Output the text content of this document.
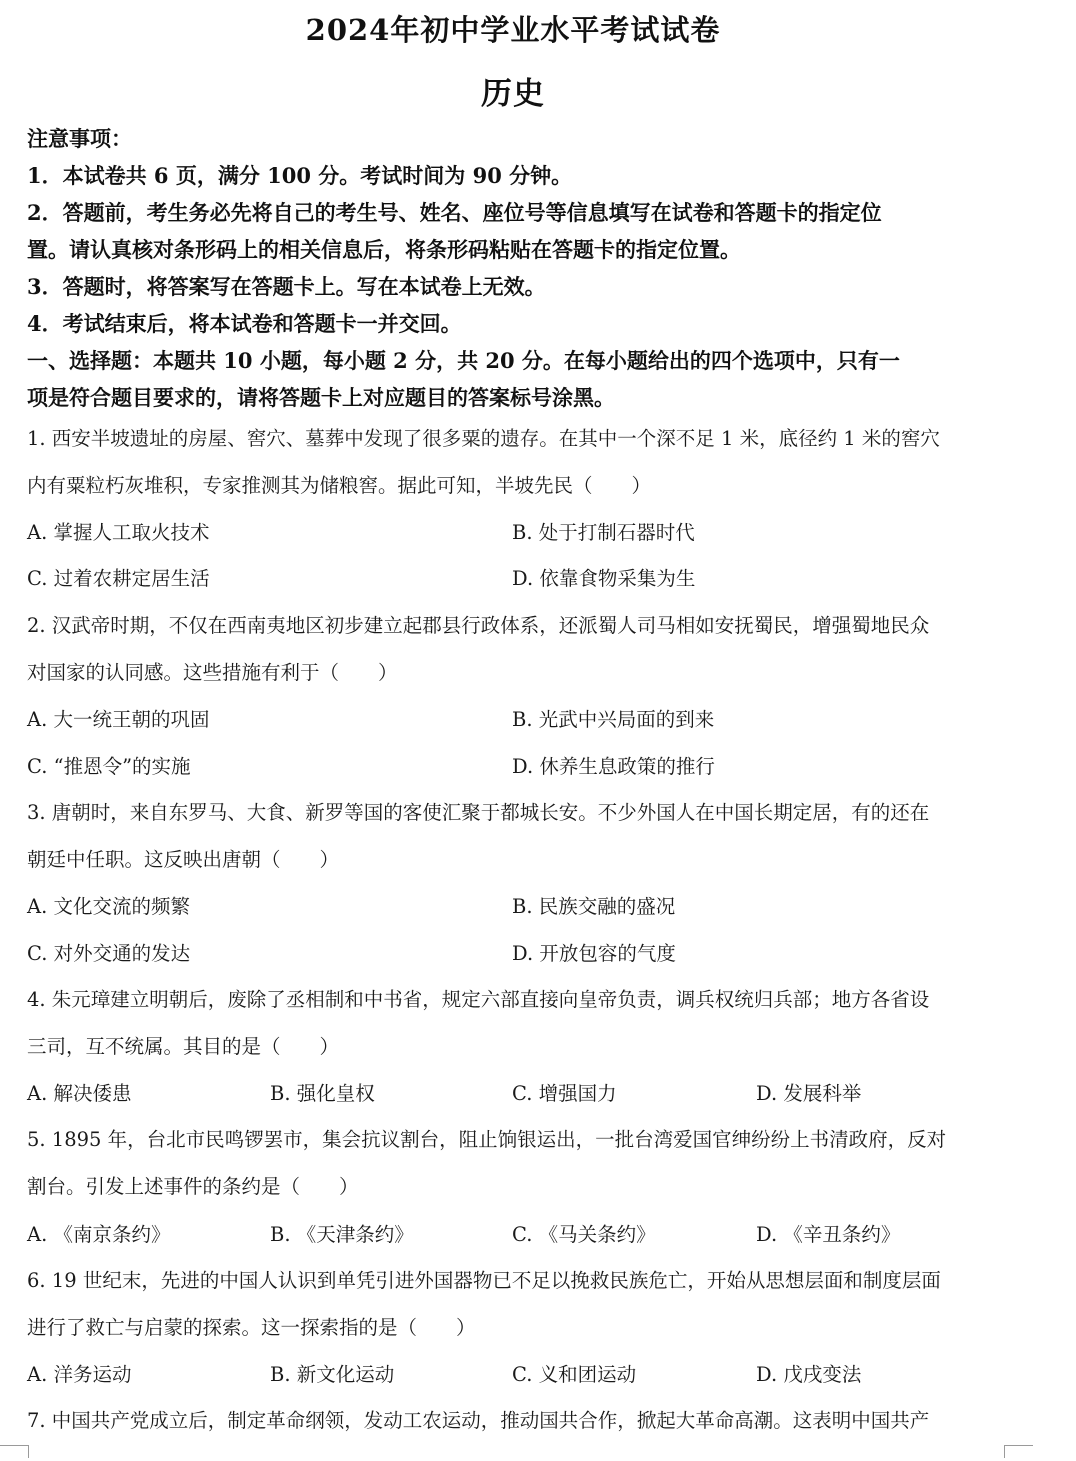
2024年初中学业水平考试试卷
历史
注意事项：
1．本试卷共 6 页，满分 100 分。考试时间为 90 分钟。
2．答题前，考生务必先将自己的考生号、姓名、座位号等信息填写在试卷和答题卡的指定位
置。请认真核对条形码上的相关信息后，将条形码粘贴在答题卡的指定位置。
3．答题时，将答案写在答题卡上。写在本试卷上无效。
4．考试结束后，将本试卷和答题卡一并交回。
一、选择题：本题共 10 小题，每小题 2 分，共 20 分。在每小题给出的四个选项中，只有一
项是符合题目要求的，请将答题卡上对应题目的答案标号涂黑。
1. 西安半坡遗址的房屋、窖穴、墓葬中发现了很多粟的遗存。在其中一个深不足 1 米，底径约 1 米的窖穴
内有粟粒朽灰堆积，专家推测其为储粮窖。据此可知，半坡先民（　　）
A. 掌握人工取火技术	B. 处于打制石器时代
C. 过着农耕定居生活	D. 依靠食物采集为生
2. 汉武帝时期，不仅在西南夷地区初步建立起郡县行政体系，还派蜀人司马相如安抚蜀民，增强蜀地民众
对国家的认同感。这些措施有利于（　　）
A. 大一统王朝的巩固	B. 光武中兴局面的到来
C. “推恩令”的实施	D. 休养生息政策的推行
3. 唐朝时，来自东罗马、大食、新罗等国的客使汇聚于都城长安。不少外国人在中国长期定居，有的还在
朝廷中任职。这反映出唐朝（　　）
A. 文化交流的频繁	B. 民族交融的盛况
C. 对外交通的发达	D. 开放包容的气度
4. 朱元璋建立明朝后，废除了丞相制和中书省，规定六部直接向皇帝负责，调兵权统归兵部；地方各省设
三司，互不统属。其目的是（　　）
A. 解决倭患	B. 强化皇权	C. 增强国力	D. 发展科举
5. 1895 年，台北市民鸣锣罢市，集会抗议割台，阻止饷银运出，一批台湾爱国官绅纷纷上书清政府，反对
割台。引发上述事件的条约是（　　）
A. 《南京条约》	B. 《天津条约》	C. 《马关条约》	D. 《辛丑条约》
6. 19 世纪末，先进的中国人认识到单凭引进外国器物已不足以挽救民族危亡，开始从思想层面和制度层面
进行了救亡与启蒙的探索。这一探索指的是（　　）
A. 洋务运动	B. 新文化运动	C. 义和团运动	D. 戊戌变法
7. 中国共产党成立后，制定革命纲领，发动工农运动，推动国共合作，掀起大革命高潮。这表明中国共产
